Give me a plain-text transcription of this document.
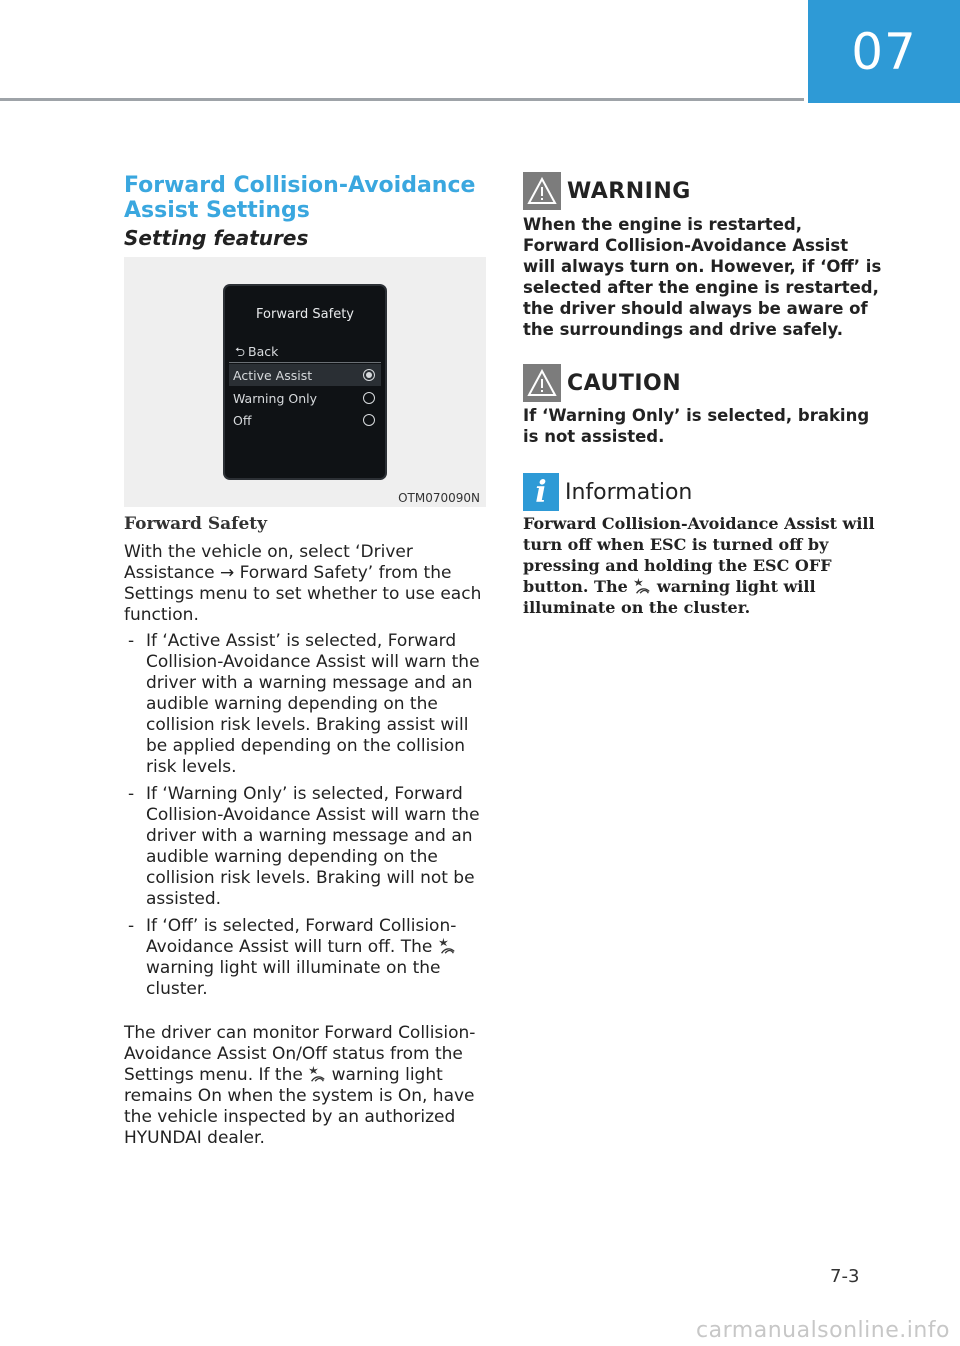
07
Forward Collision-Avoidance Assist Settings
Setting features
Forward Safety
⮌ Back
Active Assist
Warning Only
Off
OTM070090N

Forward Safety

With the vehicle on, select ‘Driver Assistance → Forward Safety’ from the Settings menu to set whether to use each function.

- If ‘Active Assist’ is selected, Forward Collision-Avoidance Assist will warn the driver with a warning message and an audible warning depending on the collision risk levels. Braking assist will be applied depending on the collision risk levels.
- If ‘Warning Only’ is selected, Forward Collision-Avoidance Assist will warn the driver with a warning message and an audible warning depending on the collision risk levels. Braking will not be assisted.
- If ‘Off’ is selected, Forward Collision-Avoidance Assist will turn off. The  warning light will illuminate on the cluster.

The driver can monitor Forward Collision-Avoidance Assist On/Off status from the Settings menu. If the warning light remains On when the system is On, have the vehicle inspected by an authorized HYUNDAI dealer.

WARNING

When the engine is restarted, Forward Collision-Avoidance Assist will always turn on. However, if ‘Off’ is selected after the engine is restarted, the driver should always be aware of the surroundings and drive safely.

CAUTION

If ‘Warning Only’ is selected, braking is not assisted.

i Information

Forward Collision-Avoidance Assist will turn off when ESC is turned off by pressing and holding the ESC OFF button. The warning light will illuminate on the cluster.

7-3
carmanualsonline.info
